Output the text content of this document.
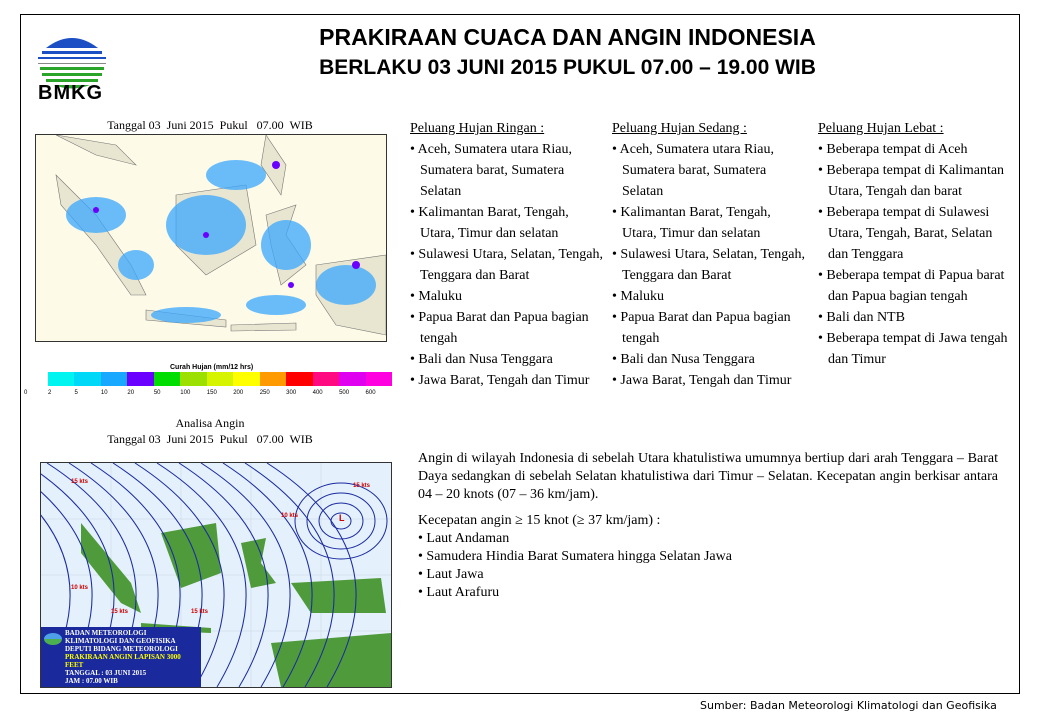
BMKG
PRAKIRAAN CUACA DAN ANGIN INDONESIA
BERLAKU 03 JUNI 2015 PUKUL 07.00 – 19.00 WIB
Tanggal 03  Juni 2015  Pukul   07.00  WIB
Curah Hujan (mm/12 hrs)
0	2	5	10	20	50	100	150	200	250	300	400	500	600
Peluang Hujan Ringan :
• Aceh, Sumatera utara Riau, Sumatera barat, Sumatera Selatan
• Kalimantan Barat, Tengah, Utara, Timur dan selatan
• Sulawesi Utara, Selatan, Tengah, Tenggara dan Barat
• Maluku
• Papua Barat dan Papua bagian tengah
• Bali dan Nusa Tenggara
• Jawa Barat, Tengah dan Timur
Peluang Hujan Sedang :
• Aceh, Sumatera utara Riau, Sumatera barat, Sumatera Selatan
• Kalimantan Barat, Tengah, Utara, Timur dan selatan
• Sulawesi Utara, Selatan, Tengah, Tenggara dan Barat
• Maluku
• Papua Barat dan Papua bagian tengah
• Bali dan Nusa Tenggara
• Jawa Barat, Tengah dan Timur
Peluang Hujan Lebat :
• Beberapa tempat di Aceh
• Beberapa tempat di Kalimantan Utara, Tengah dan barat
• Beberapa tempat di Sulawesi Utara, Tengah, Barat, Selatan dan Tenggara
• Beberapa tempat di Papua barat dan Papua bagian tengah
• Bali dan NTB
• Beberapa tempat di Jawa tengah dan Timur
Analisa Angin
Tanggal 03  Juni 2015  Pukul   07.00  WIB
15 kts
10 kts
15 kts	15 kts
15 kts
10 kts	L
BADAN METEOROLOGI KLIMATOLOGI DAN GEOFISIKA
DEPUTI BIDANG METEOROLOGI
PRAKIRAAN ANGIN LAPISAN 3000 FEET
TANGGAL : 03 JUNI 2015
JAM : 07.00 WIB

Angin di wilayah Indonesia di sebelah Utara khatulistiwa umumnya bertiup dari arah Tenggara – Barat Daya sedangkan di sebelah Selatan khatulistiwa dari Timur – Selatan. Kecepatan angin berkisar antara 04 – 20 knots (07 – 36 km/jam).

Kecepatan angin ≥ 15 knot (≥ 37 km/jam) :
• Laut Andaman
• Samudera Hindia Barat Sumatera hingga Selatan Jawa
• Laut Jawa
• Laut Arafuru
Sumber: Badan Meteorologi Klimatologi dan Geofisika
